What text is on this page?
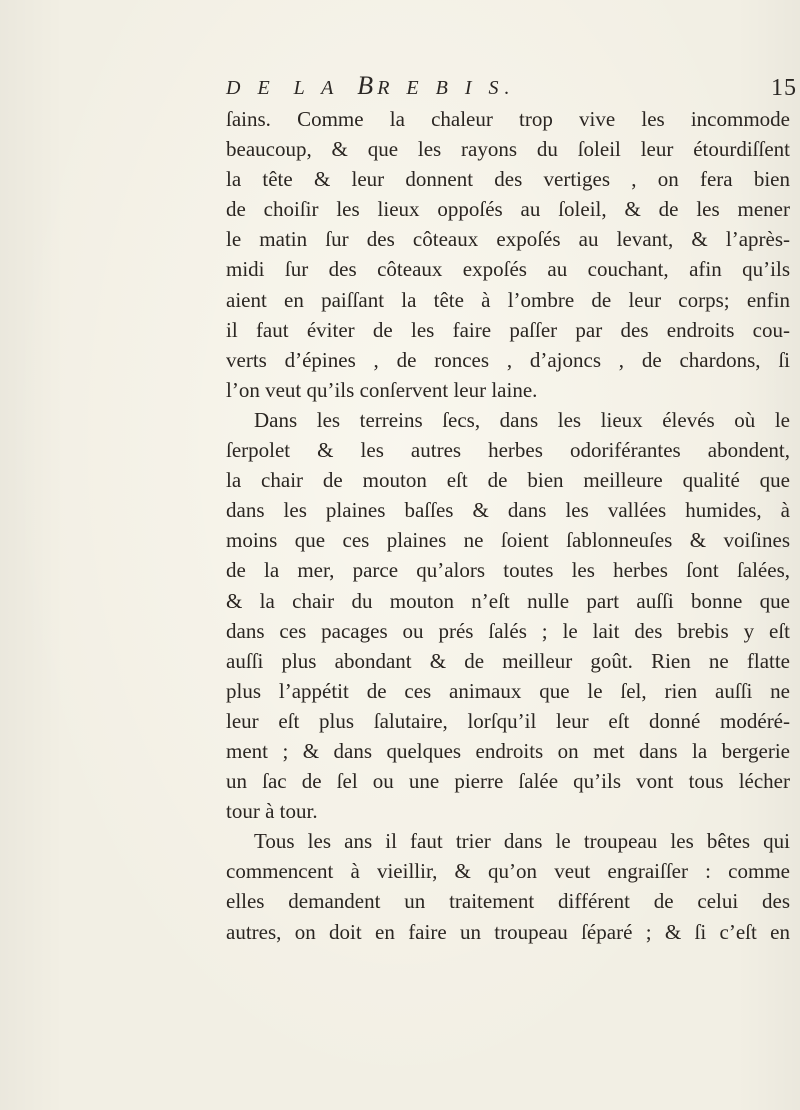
D E L A BR E B I S.	15
ſains. Comme la chaleur trop vive les incommode
beaucoup, & que les rayons du ſoleil leur étourdiſſent
la tête & leur donnent des vertiges , on fera bien
de choiſir les lieux oppoſés au ſoleil, & de les mener
le matin ſur des côteaux expoſés au levant, & l’après-
midi ſur des côteaux expoſés au couchant, afin qu’ils
aient en paiſſant la tête à l’ombre de leur corps; enfin
il faut éviter de les faire paſſer par des endroits cou-
verts d’épines , de ronces , d’ajoncs , de chardons, ſi
l’on veut qu’ils conſervent leur laine.
Dans les terreins ſecs, dans les lieux élevés où le
ſerpolet & les autres herbes odoriférantes abondent,
la chair de mouton eſt de bien meilleure qualité que
dans les plaines baſſes & dans les vallées humides, à
moins que ces plaines ne ſoient ſablonneuſes & voiſines
de la mer, parce qu’alors toutes les herbes ſont ſalées,
& la chair du mouton n’eſt nulle part auſſi bonne que
dans ces pacages ou prés ſalés ; le lait des brebis y eſt
auſſi plus abondant & de meilleur goût. Rien ne flatte
plus l’appétit de ces animaux que le ſel, rien auſſi ne
leur eſt plus ſalutaire, lorſqu’il leur eſt donné modéré-
ment ; & dans quelques endroits on met dans la bergerie
un ſac de ſel ou une pierre ſalée qu’ils vont tous lécher
tour à tour.
Tous les ans il faut trier dans le troupeau les bêtes qui
commencent à vieillir, & qu’on veut engraiſſer : comme
elles demandent un traitement différent de celui des
autres, on doit en faire un troupeau ſéparé ; & ſi c’eſt en
